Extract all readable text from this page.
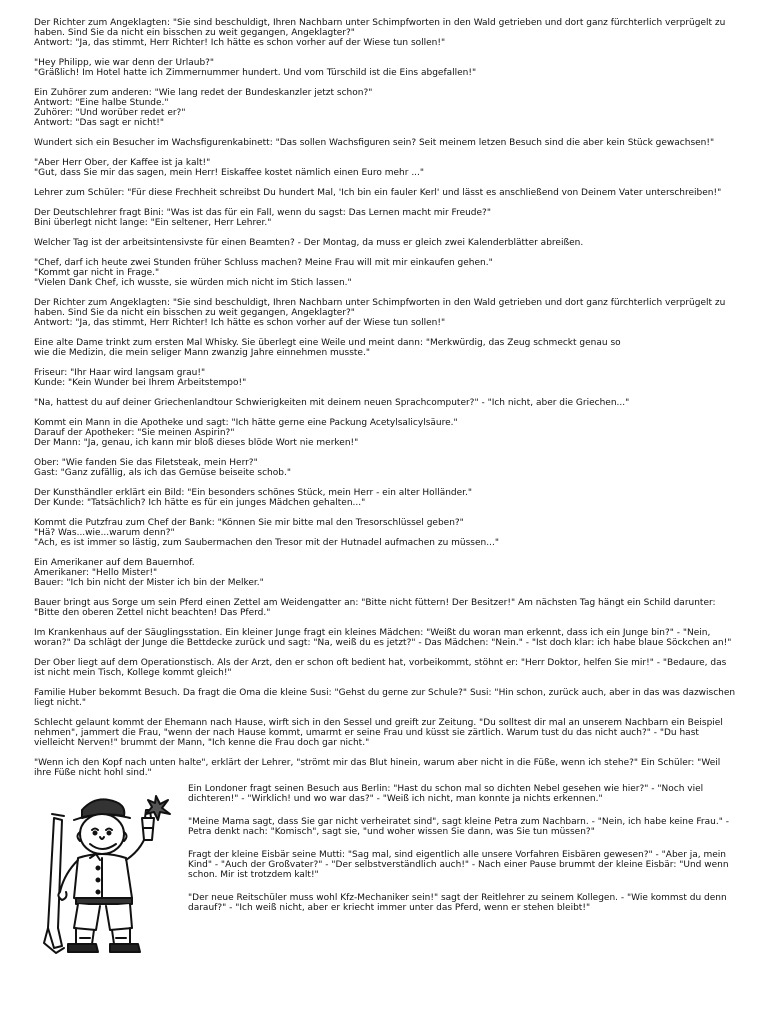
Der Richter zum Angeklagten: "Sie sind beschuldigt, Ihren Nachbarn unter Schimpfworten in den Wald getrieben und dort ganz fürchterlich verprügelt zu
haben. Sind Sie da nicht ein bisschen zu weit gegangen, Angeklagter?"
Antwort: "Ja, das stimmt, Herr Richter! Ich hätte es schon vorher auf der Wiese tun sollen!"
"Hey Philipp, wie war denn der Urlaub?"
"Gräßlich! Im Hotel hatte ich Zimmernummer hundert. Und vom Türschild ist die Eins abgefallen!"
Ein Zuhörer zum anderen: "Wie lang redet der Bundeskanzler jetzt schon?"
Antwort: "Eine halbe Stunde."
Zuhörer: "Und worüber redet er?"
Antwort: "Das sagt er nicht!"
Wundert sich ein Besucher im Wachsfigurenkabinett: "Das sollen Wachsfiguren sein? Seit meinem letzen Besuch sind die aber kein Stück gewachsen!"
"Aber Herr Ober, der Kaffee ist ja kalt!"
"Gut, dass Sie mir das sagen, mein Herr! Eiskaffee kostet nämlich einen Euro mehr ..."
Lehrer zum Schüler: "Für diese Frechheit schreibst Du hundert Mal, 'Ich bin ein fauler Kerl' und lässt es anschließend von Deinem Vater unterschreiben!"
Der Deutschlehrer fragt Bini: "Was ist das für ein Fall, wenn du sagst: Das Lernen macht mir Freude?"
Bini überlegt nicht lange: "Ein seltener, Herr Lehrer."
Welcher Tag ist der arbeitsintensivste für einen Beamten? - Der Montag, da muss er gleich zwei Kalenderblätter abreißen.
"Chef, darf ich heute zwei Stunden früher Schluss machen? Meine Frau will mit mir einkaufen gehen."
"Kommt gar nicht in Frage."
"Vielen Dank Chef, ich wusste, sie würden mich nicht im Stich lassen."
Der Richter zum Angeklagten: "Sie sind beschuldigt, Ihren Nachbarn unter Schimpfworten in den Wald getrieben und dort ganz fürchterlich verprügelt zu
haben. Sind Sie da nicht ein bisschen zu weit gegangen, Angeklagter?"
Antwort: "Ja, das stimmt, Herr Richter! Ich hätte es schon vorher auf der Wiese tun sollen!"
Eine alte Dame trinkt zum ersten Mal Whisky. Sie überlegt eine Weile und meint dann: "Merkwürdig, das Zeug schmeckt genau so
wie die Medizin, die mein seliger Mann zwanzig Jahre einnehmen musste."
Friseur: "Ihr Haar wird langsam grau!"
Kunde: "Kein Wunder bei Ihrem Arbeitstempo!"
"Na, hattest du auf deiner Griechenlandtour Schwierigkeiten mit deinem neuen Sprachcomputer?" - "Ich nicht, aber die Griechen..."
Kommt ein Mann in die Apotheke und sagt: "Ich hätte gerne eine Packung Acetylsalicylsäure."
Darauf der Apotheker: "Sie meinen Aspirin?"
Der Mann: "Ja, genau, ich kann mir bloß dieses blöde Wort nie merken!"
Ober: "Wie fanden Sie das Filetsteak, mein Herr?"
Gast: "Ganz zufällig, als ich das Gemüse beiseite schob."
Der Kunsthändler erklärt ein Bild: "Ein besonders schönes Stück, mein Herr - ein alter Holländer."
Der Kunde: "Tatsächlich? Ich hätte es für ein junges Mädchen gehalten..."
Kommt die Putzfrau zum Chef der Bank: "Können Sie mir bitte mal den Tresorschlüssel geben?"
"Hä? Was...wie...warum denn?"
"Ach, es ist immer so lästig, zum Saubermachen den Tresor mit der Hutnadel aufmachen zu müssen..."
Ein Amerikaner auf dem Bauernhof.
Amerikaner: "Hello Mister!"
Bauer: "Ich bin nicht der Mister ich bin der Melker."
Bauer bringt aus Sorge um sein Pferd einen Zettel am Weidengatter an: "Bitte nicht füttern! Der Besitzer!" Am nächsten Tag hängt ein Schild darunter:
"Bitte den oberen Zettel nicht beachten! Das Pferd."
Im Krankenhaus auf der Säuglingsstation. Ein kleiner Junge fragt ein kleines Mädchen: "Weißt du woran man erkennt, dass ich ein Junge bin?" - "Nein,
woran?" Da schlägt der Junge die Bettdecke zurück und sagt: "Na, weiß du es jetzt?" - Das Mädchen: "Nein." - "Ist doch klar: ich habe blaue Söckchen an!"
Der Ober liegt auf dem Operationstisch. Als der Arzt, den er schon oft bedient hat, vorbeikommt, stöhnt er: "Herr Doktor, helfen Sie mir!" - "Bedaure, das
ist nicht mein Tisch, Kollege kommt gleich!"
Familie Huber bekommt Besuch. Da fragt die Oma die kleine Susi: "Gehst du gerne zur Schule?" Susi: "Hin schon, zurück auch, aber in das was dazwischen
liegt nicht."
Schlecht gelaunt kommt der Ehemann nach Hause, wirft sich in den Sessel und greift zur Zeitung. "Du solltest dir mal an unserem Nachbarn ein Beispiel
nehmen", jammert die Frau, "wenn der nach Hause kommt, umarmt er seine Frau und küsst sie zärtlich. Warum tust du das nicht auch?" - "Du hast
vielleicht Nerven!" brummt der Mann, "Ich kenne die Frau doch gar nicht."
"Wenn ich den Kopf nach unten halte", erklärt der Lehrer, "strömt mir das Blut hinein, warum aber nicht in die Füße, wenn ich stehe?" Ein Schüler: "Weil
ihre Füße nicht hohl sind."
Ein Londoner fragt seinen Besuch aus Berlin: "Hast du schon mal so dichten Nebel gesehen wie hier?" - "Noch viel
dichteren!" - "Wirklich! und wo war das?" - "Weiß ich nicht, man konnte ja nichts erkennen."
"Meine Mama sagt, dass Sie gar nicht verheiratet sind", sagt kleine Petra zum Nachbarn. - "Nein, ich habe keine Frau." -
Petra denkt nach: "Komisch", sagt sie, "und woher wissen Sie dann, was Sie tun müssen?"
Fragt der kleine Eisbär seine Mutti: "Sag mal, sind eigentlich alle unsere Vorfahren Eisbären gewesen?" - "Aber ja, mein
Kind" - "Auch der Großvater?" - "Der selbstverständlich auch!" - Nach einer Pause brummt der kleine Eisbär: "Und wenn
schon. Mir ist trotzdem kalt!"
"Der neue Reitschüler muss wohl Kfz-Mechaniker sein!" sagt der Reitlehrer zu seinem Kollegen. - "Wie kommst du denn
darauf?" - "Ich weiß nicht, aber er kriecht immer unter das Pferd, wenn er stehen bleibt!"
